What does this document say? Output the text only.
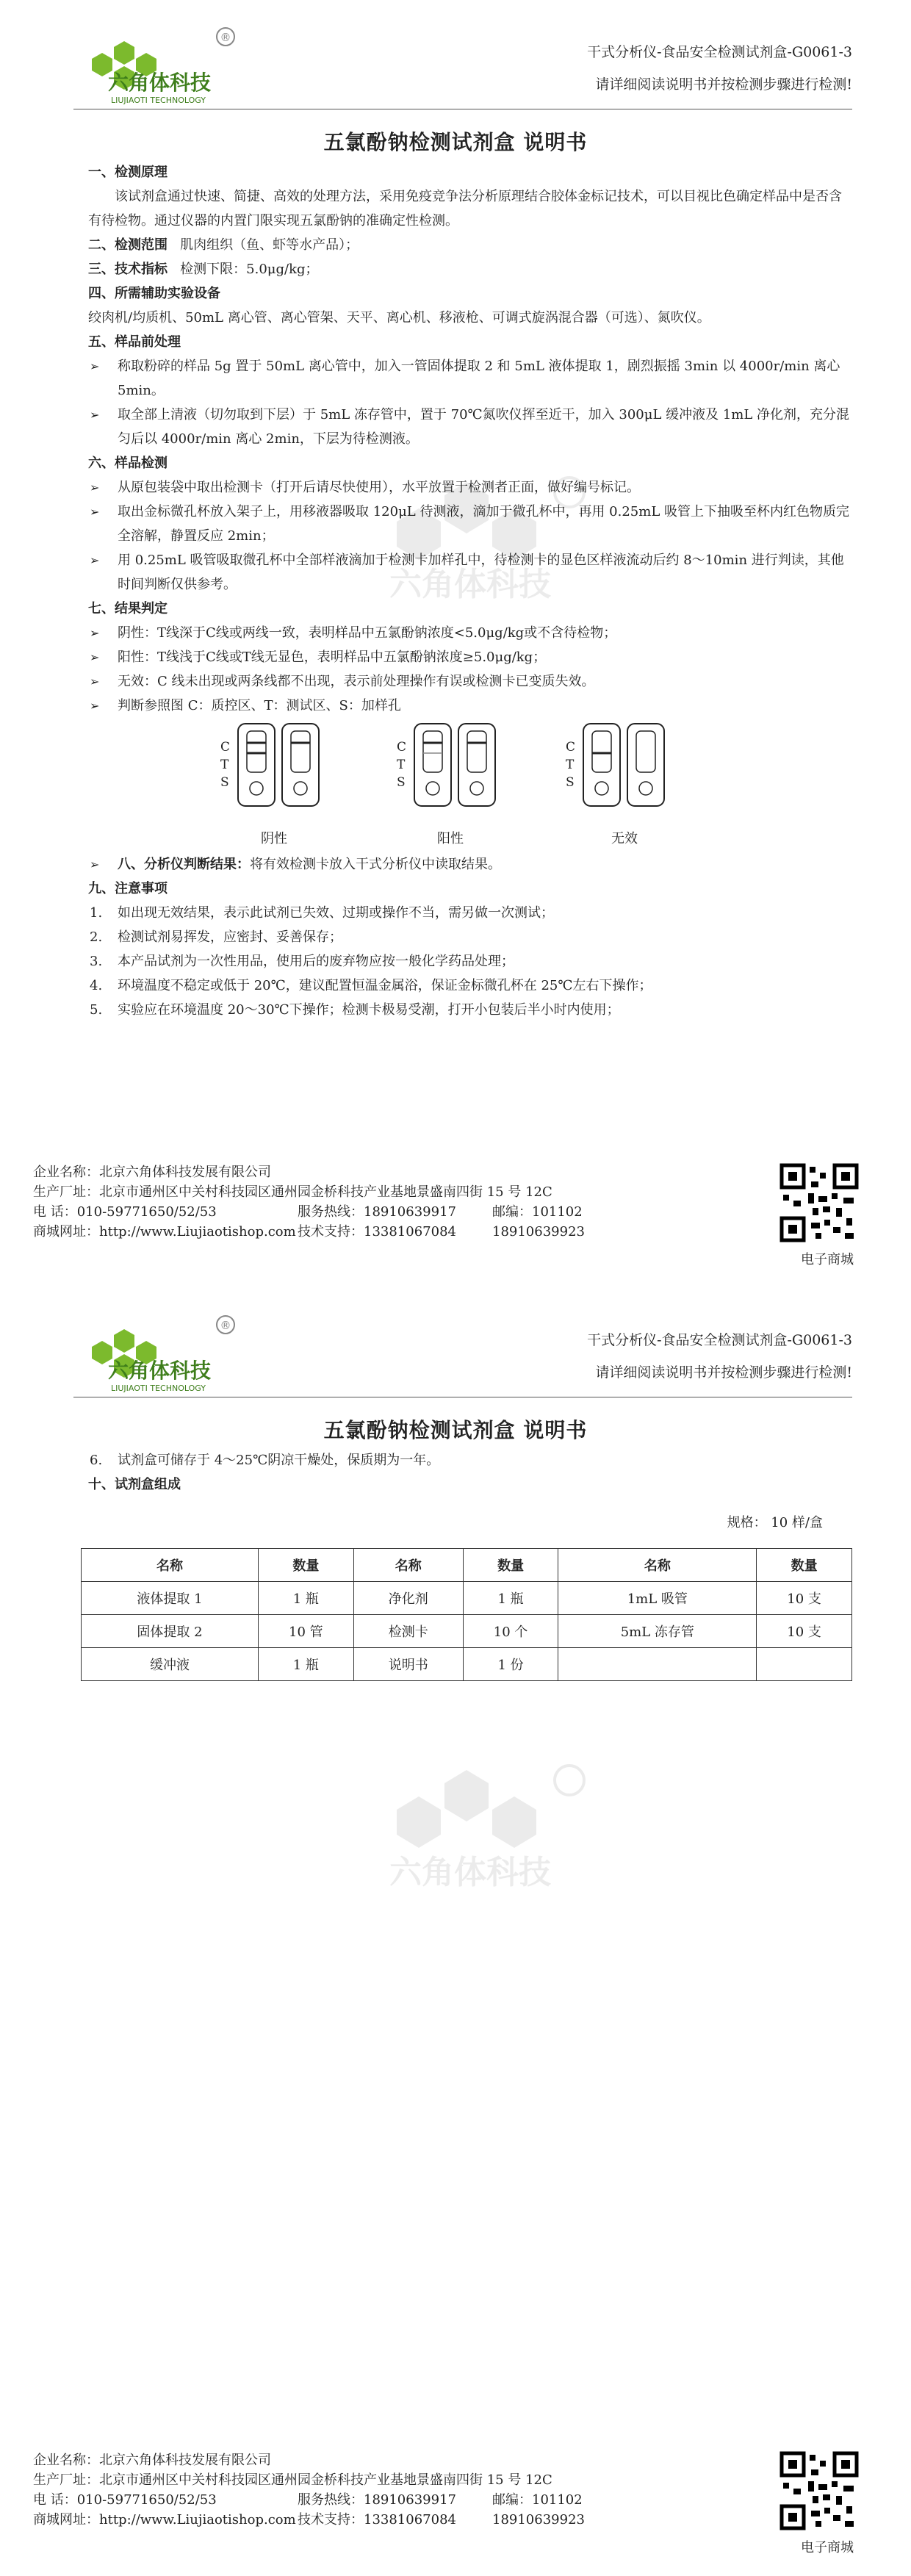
®
六角体科技
LIUJIAOTI TECHNOLOGY
干式分析仪-食品安全检测试剂盒-G0061-3
请详细阅读说明书并按检测步骤进行检测!
五氯酚钠检测试剂盒 说明书
六角体科技
一、检测原理

该试剂盒通过快速、简捷、高效的处理方法，采用免疫竞争法分析原理结合胶体金标记技术，可以目视比色确定样品中是否含有待检物。通过仪器的内置门限实现五氯酚钠的准确定性检测。

二、检测范围 肌肉组织（鱼、虾等水产品）；
三、技术指标 检测下限：5.0μg/kg；
四、所需辅助实验设备

绞肉机/均质机、50mL 离心管、离心管架、天平、离心机、移液枪、可调式旋涡混合器（可选）、氮吹仪。

五、样品前处理
➢ 称取粉碎的样品 5g 置于 50mL 离心管中，加入一管固体提取 2 和 5mL 液体提取 1，剧烈振摇 3min 以 4000r/min 离心 5min。
➢ 取全部上清液（切勿取到下层）于 5mL 冻存管中，置于 70℃氮吹仪挥至近干，加入 300μL 缓冲液及 1mL 净化剂，充分混匀后以 4000r/min 离心 2min，下层为待检测液。
六、样品检测
➢ 从原包装袋中取出检测卡（打开后请尽快使用），水平放置于检测者正面，做好编号标记。
➢ 取出金标微孔杯放入架子上，用移液器吸取 120μL 待测液，滴加于微孔杯中，再用 0.25mL 吸管上下抽吸至杯内红色物质完全溶解，静置反应 2min；
➢ 用 0.25mL 吸管吸取微孔杯中全部样液滴加于检测卡加样孔中，待检测卡的显色区样液流动后约 8～10min 进行判读，其他时间判断仅供参考。
七、结果判定
➢ 阴性：T线深于C线或两线一致，表明样品中五氯酚钠浓度<5.0μg/kg或不含待检物；
➢ 阳性：T线浅于C线或T线无显色，表明样品中五氯酚钠浓度≥5.0μg/kg；
➢ 无效：C 线未出现或两条线都不出现，表示前处理操作有误或检测卡已变质失效。
➢ 判断参照图 C：质控区、T：测试区、S：加样孔
C
T
S
阴性
C
T
S
阳性
C
T
S
无效
➢ 八、分析仪判断结果：将有效检测卡放入干式分析仪中读取结果。
九、注意事项
1. 如出现无效结果，表示此试剂已失效、过期或操作不当，需另做一次测试；
2. 检测试剂易挥发，应密封、妥善保存；
3. 本产品试剂为一次性用品，使用后的废弃物应按一般化学药品处理；
4. 环境温度不稳定或低于 20℃，建议配置恒温金属浴，保证金标微孔杯在 25℃左右下操作；
5. 实验应在环境温度 20～30℃下操作；检测卡极易受潮，打开小包装后半小时内使用；
企业名称：北京六角体科技发展有限公司
生产厂址：北京市通州区中关村科技园区通州园金桥科技产业基地景盛南四街 15 号 12C
电 话：010-59771650/52/53	服务热线：18910639917	邮编：101102
商城网址：http://www.Liujiaotishop.com 技术支持：13381067084	18910639923
电子商城
®
六角体科技
LIUJIAOTI TECHNOLOGY
干式分析仪-食品安全检测试剂盒-G0061-3
请详细阅读说明书并按检测步骤进行检测!
五氯酚钠检测试剂盒 说明书
6. 试剂盒可储存于 4～25℃阴凉干燥处，保质期为一年。
十、试剂盒组成
规格： 10 样/盒
名称	数量	名称	数量	名称	数量
液体提取 1	1 瓶	净化剂	1 瓶	1mL 吸管	10 支
固体提取 2	10 管	检测卡	10 个	5mL 冻存管	10 支
缓冲液	1 瓶	说明书	1 份		
六角体科技
企业名称：北京六角体科技发展有限公司
生产厂址：北京市通州区中关村科技园区通州园金桥科技产业基地景盛南四街 15 号 12C
电 话：010-59771650/52/53	服务热线：18910639917	邮编：101102
商城网址：http://www.Liujiaotishop.com 技术支持：13381067084	18910639923
电子商城
